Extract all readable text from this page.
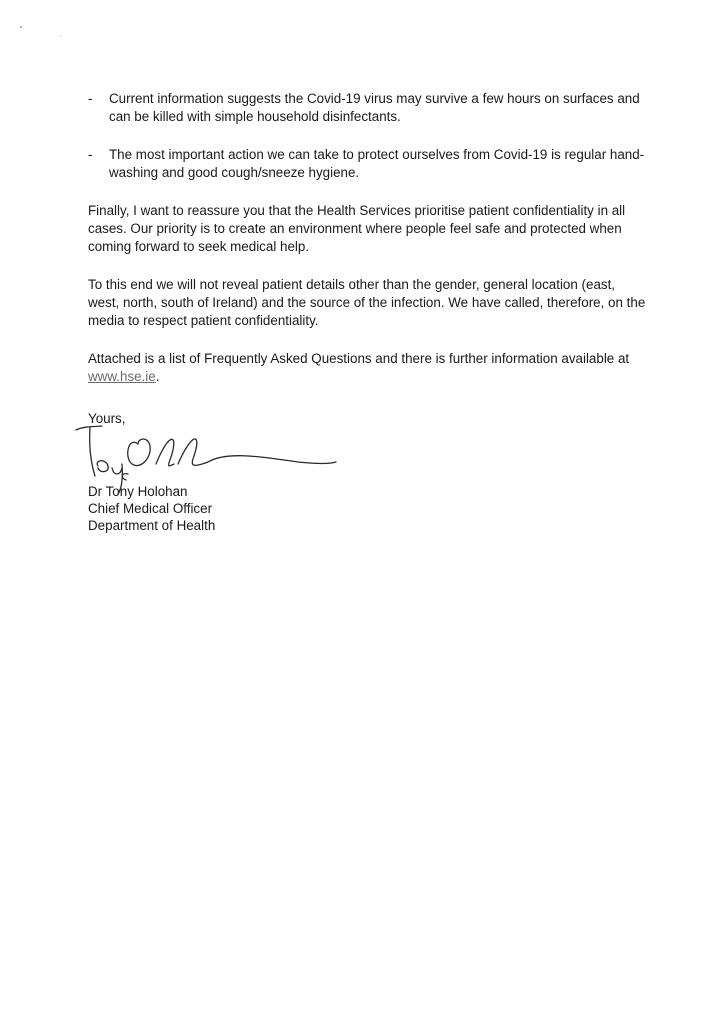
-	Current information suggests the Covid-19 virus may survive a few hours on surfaces and can be killed with simple household disinfectants.
-	The most important action we can take to protect ourselves from Covid-19 is regular hand-washing and good cough/sneeze hygiene.

Finally, I want to reassure you that the Health Services prioritise patient confidentiality in all cases. Our priority is to create an environment where people feel safe and protected when coming forward to seek medical help.

To this end we will not reveal patient details other than the gender, general location (east, west, north, south of Ireland) and the source of the infection. We have called, therefore, on the media to respect patient confidentiality.

Attached is a list of Frequently Asked Questions and there is further information available at www.hse.ie.

Yours,
Dr Tony Holohan
Chief Medical Officer
Department of Health
